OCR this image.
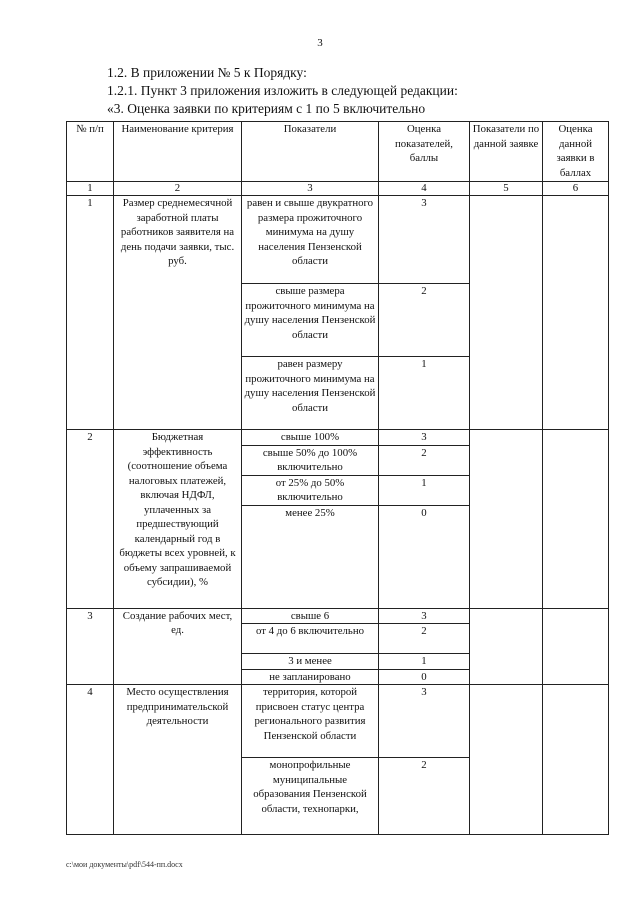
3
1.2. В приложении № 5 к Порядку:
1.2.1. Пункт 3 приложения изложить в следующей редакции:
«3. Оценка заявки по критериям с 1 по 5 включительно
№ п/п	Наименование критерия	Показатели	Оценка показателей, баллы	Показатели по данной заявке	Оценка данной заявки в баллах
1	2	3	4	5	6
1	Размер среднемесячной заработной платы работников заявителя на день подачи заявки, тыс. руб.	равен и свыше двукратного размера прожиточного минимума на душу населения Пензенской области	3		
		свыше размера прожиточного минимума на душу населения Пензенской области	2		
		равен размеру прожиточного минимума на душу населения Пензенской области	1		
2	Бюджетная эффективность (соотношение объема налоговых платежей, включая НДФЛ, уплаченных за предшествующий календарный год в бюджеты всех уровней, к объему запрашиваемой субсидии), %	свыше 100%	3		
		свыше 50% до 100% включительно	2		
		от 25% до 50% включительно	1		
		менее 25%	0		
3	Создание рабочих мест, ед.	свыше 6	3		
		от 4 до 6 включительно	2		
		3 и менее	1		
		не запланировано	0		
4	Место осуществления предпринимательской деятельности	территория, которой присвоен статус центра регионального развития Пензенской области	3		
		монопрофильные муниципальные образования Пензенской области, технопарки,	2		
c:\мои документы\pdf\544-пп.docx
